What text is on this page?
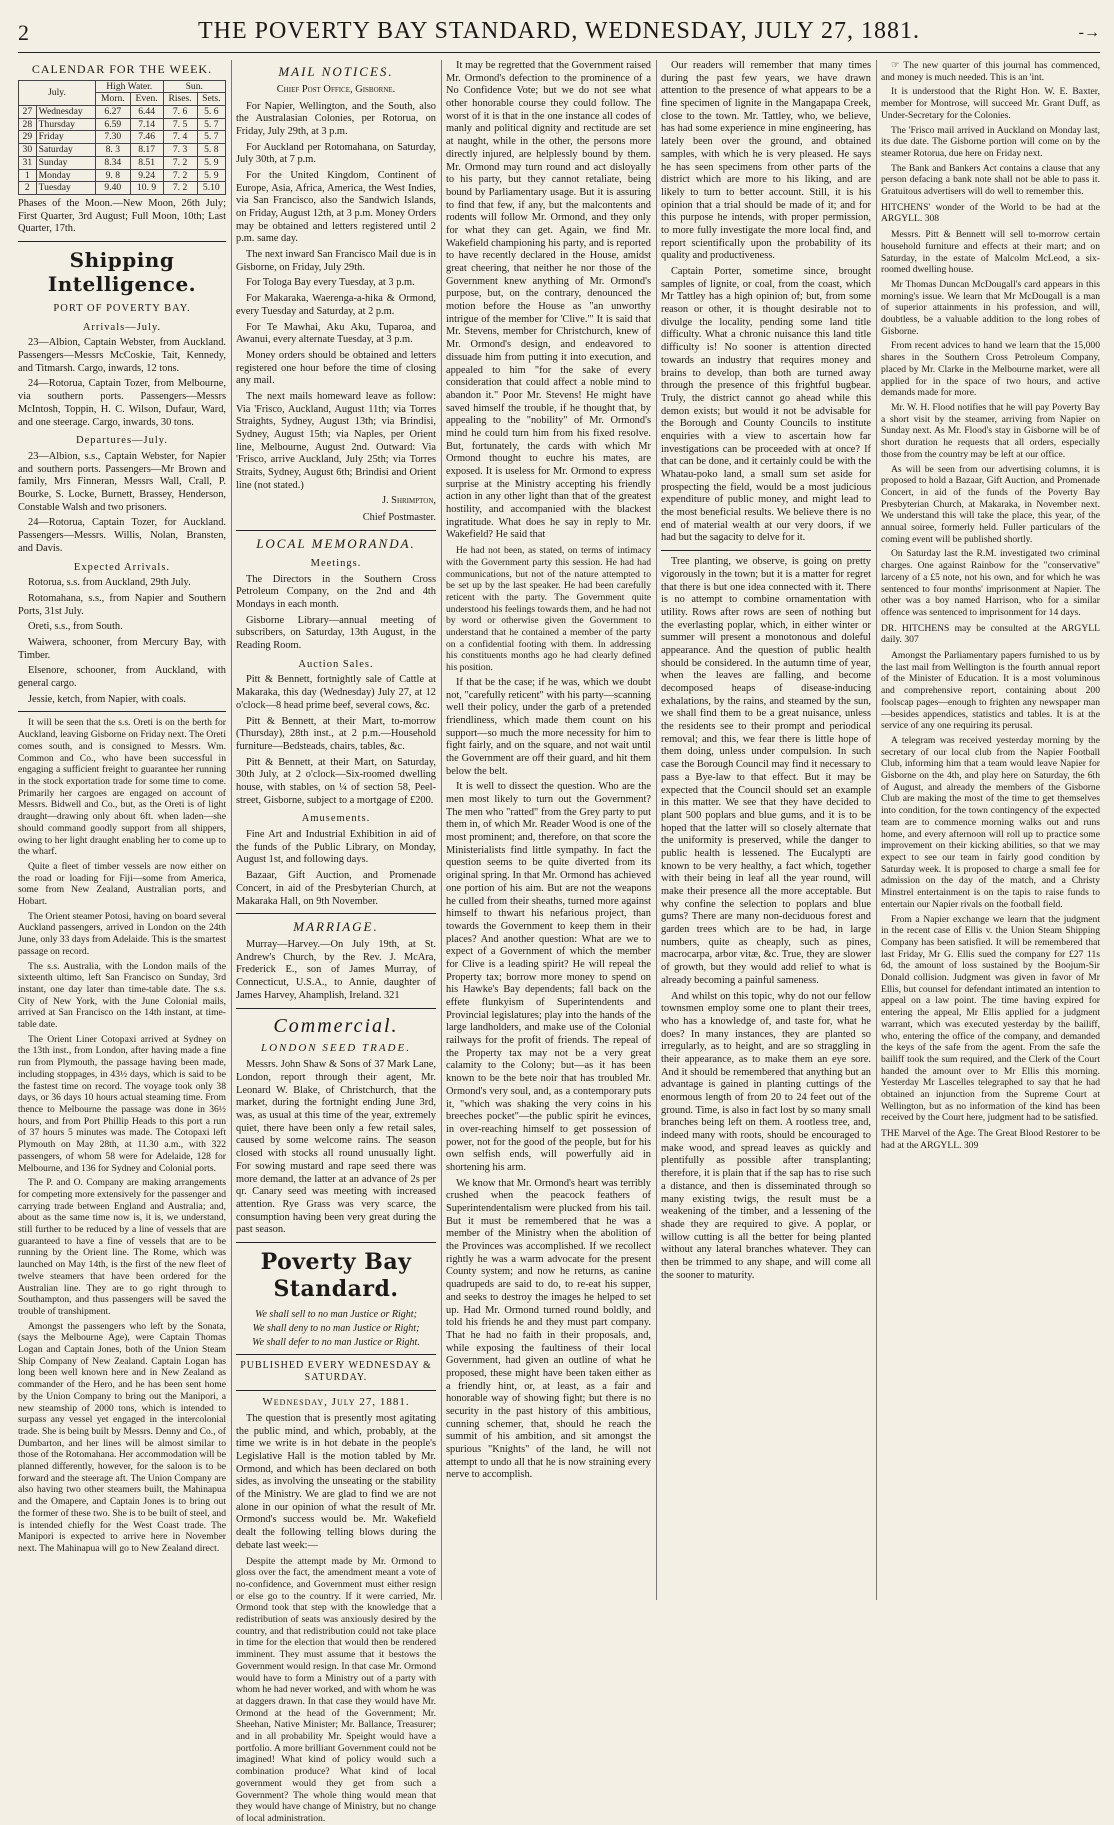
2	THE POVERTY BAY STANDARD, WEDNESDAY, JULY 27, 1881.	-→
CALENDAR FOR THE WEEK.
July.		High Water.		Sun.	
		Morn.	Even.	Rises.	Sets.
27	Wednesday	6.27	6.44	7. 6	5. 6
28	Thursday	6.59	7.14	7. 5	5. 7
29	Friday	7.30	7.46	7. 4	5. 7
30	Saturday	8. 3	8.17	7. 3	5. 8
31	Sunday	8.34	8.51	7. 2	5. 9
1	Monday	9. 8	9.24	7. 2	5. 9
2	Tuesday	9.40	10. 9	7. 2	5.10

Phases of the Moon.—New Moon, 26th July; First Quarter, 3rd August; Full Moon, 10th; Last Quarter, 17th.

Shipping Intelligence.
PORT OF POVERTY BAY.
Arrivals—July.

23—Albion, Captain Webster, from Auckland. Passengers—Messrs McCoskie, Tait, Kennedy, and Titmarsh. Cargo, inwards, 12 tons.

24—Rotorua, Captain Tozer, from Melbourne, via southern ports. Passengers—Messrs McIntosh, Toppin, H. C. Wilson, Dufaur, Ward, and one steerage. Cargo, inwards, 30 tons.

Departures—July.

23—Albion, s.s., Captain Webster, for Napier and southern ports. Passengers—Mr Brown and family, Mrs Finneran, Messrs Wall, Crall, P. Bourke, S. Locke, Burnett, Brassey, Henderson, Constable Walsh and two prisoners.

24—Rotorua, Captain Tozer, for Auckland. Passengers—Messrs. Willis, Nolan, Bransten, and Davis.

Expected Arrivals.

Rotorua, s.s. from Auckland, 29th July.

Rotomahana, s.s., from Napier and Southern Ports, 31st July.

Oreti, s.s., from South.

Waiwera, schooner, from Mercury Bay, with Timber.

Elsenore, schooner, from Auckland, with general cargo.

Jessie, ketch, from Napier, with coals.

It will be seen that the s.s. Oreti is on the berth for Auckland, leaving Gisborne on Friday next. The Oreti comes south, and is consigned to Messrs. Wm. Common and Co., who have been successful in engaging a sufficient freight to guarantee her running in the stock exportation trade for some time to come. Primarily her cargoes are engaged on account of Messrs. Bidwell and Co., but, as the Oreti is of light draught—drawing only about 6ft. when laden—she should command goodly support from all shippers, owing to her light draught enabling her to come up to the wharf.

Quite a fleet of timber vessels are now either on the road or loading for Fiji—some from America, some from New Zealand, Australian ports, and Hobart.

The Orient steamer Potosi, having on board several Auckland passengers, arrived in London on the 24th June, only 33 days from Adelaide. This is the smartest passage on record.

The s.s. Australia, with the London mails of the sixteenth ultimo, left San Francisco on Sunday, 3rd instant, one day later than time-table date. The s.s. City of New York, with the June Colonial mails, arrived at San Francisco on the 14th instant, at time-table date.

The Orient Liner Cotopaxi arrived at Sydney on the 13th inst., from London, after having made a fine run from Plymouth, the passage having been made, including stoppages, in 43½ days, which is said to be the fastest time on record. The voyage took only 38 days, or 36 days 10 hours actual steaming time. From thence to Melbourne the passage was done in 36½ hours, and from Port Phillip Heads to this port a run of 37 hours 5 minutes was made. The Cotopaxi left Plymouth on May 28th, at 11.30 a.m., with 322 passengers, of whom 58 were for Adelaide, 128 for Melbourne, and 136 for Sydney and Colonial ports.

The P. and O. Company are making arrangements for competing more extensively for the passenger and carrying trade between England and Australia; and, about as the same time now is, it is, we understand, still further to be reduced by a line of vessels that are guaranteed to have a fine of vessels that are to be running by the Orient line. The Rome, which was launched on May 14th, is the first of the new fleet of twelve steamers that have been ordered for the Australian line. They are to go right through to Southampton, and thus passengers will be saved the trouble of transhipment.

Amongst the passengers who left by the Sonata, (says the Melbourne Age), were Captain Thomas Logan and Captain Jones, both of the Union Steam Ship Company of New Zealand. Captain Logan has long been well known here and in New Zealand as commander of the Hero, and he has been sent home by the Union Company to bring out the Manipori, a new steamship of 2000 tons, which is intended to surpass any vessel yet engaged in the intercolonial trade. She is being built by Messrs. Denny and Co., of Dumbarton, and her lines will be almost similar to those of the Rotomahana. Her accommodation will be planned differently, however, for the saloon is to be forward and the steerage aft. The Union Company are also having two other steamers built, the Mahinapua and the Omapere, and Captain Jones is to bring out the former of these two. She is to be built of steel, and is intended chiefly for the West Coast trade. The Manipori is expected to arrive here in November next. The Mahinapua will go to New Zealand direct.

MAIL NOTICES.

Chief Post Office, Gisborne.

For Napier, Wellington, and the South, also the Australasian Colonies, per Rotorua, on Friday, July 29th, at 3 p.m.

For Auckland per Rotomahana, on Saturday, July 30th, at 7 p.m.

For the United Kingdom, Continent of Europe, Asia, Africa, America, the West Indies, via San Francisco, also the Sandwich Islands, on Friday, August 12th, at 3 p.m. Money Orders may be obtained and letters registered until 2 p.m. same day.

The next inward San Francisco Mail due is in Gisborne, on Friday, July 29th.

For Tologa Bay every Tuesday, at 3 p.m.

For Makaraka, Waerenga-a-hika & Ormond, every Tuesday and Saturday, at 2 p.m.

For Te Mawhai, Aku Aku, Tuparoa, and Awanui, every alternate Tuesday, at 3 p.m.

Money orders should be obtained and letters registered one hour before the time of closing any mail.

The next mails homeward leave as follow: Via 'Frisco, Auckland, August 11th; via Torres Straights, Sydney, August 13th; via Brindisi, Sydney, August 15th; via Naples, per Orient line, Melbourne, August 2nd. Outward: Via 'Frisco, arrive Auckland, July 25th; via Torres Straits, Sydney, August 6th; Brindisi and Orient line (not stated.)

J. Shrimpton,
Chief Postmaster.
LOCAL MEMORANDA.
Meetings.

The Directors in the Southern Cross Petroleum Company, on the 2nd and 4th Mondays in each month.

Gisborne Library—annual meeting of subscribers, on Saturday, 13th August, in the Reading Room.

Auction Sales.

Pitt & Bennett, fortnightly sale of Cattle at Makaraka, this day (Wednesday) July 27, at 12 o'clock—8 head prime beef, several cows, &c.

Pitt & Bennett, at their Mart, to-morrow (Thursday), 28th inst., at 2 p.m.—Household furniture—Bedsteads, chairs, tables, &c.

Pitt & Bennett, at their Mart, on Saturday, 30th July, at 2 o'clock—Six-roomed dwelling house, with stables, on ¼ of section 58, Peel-street, Gisborne, subject to a mortgage of £200.

Amusements.

Fine Art and Industrial Exhibition in aid of the funds of the Public Library, on Monday, August 1st, and following days.

Bazaar, Gift Auction, and Promenade Concert, in aid of the Presbyterian Church, at Makaraka Hall, on 9th November.

MARRIAGE.

Murray—Harvey.—On July 19th, at St. Andrew's Church, by the Rev. J. McAra, Frederick E., son of James Murray, of Connecticut, U.S.A., to Annie, daughter of James Harvey, Ahamplish, Ireland. 321

Commercial.
LONDON SEED TRADE.

Messrs. John Shaw & Sons of 37 Mark Lane, London, report through their agent, Mr. Leonard W. Blake, of Christchurch, that the market, during the fortnight ending June 3rd, was, as usual at this time of the year, extremely quiet, there have been only a few retail sales, caused by some welcome rains. The season closed with stocks all round unusually light. For sowing mustard and rape seed there was more demand, the latter at an advance of 2s per qr. Canary seed was meeting with increased attention. Rye Grass was very scarce, the consumption having been very great during the past season.

Poverty Bay Standard.
We shall sell to no man Justice or Right;
We shall deny to no man Justice or Right;
We shall defer to no man Justice or Right.
PUBLISHED EVERY WEDNESDAY & SATURDAY.
Wednesday, July 27, 1881.

The question that is presently most agitating the public mind, and which, probably, at the time we write is in hot debate in the people's Legislative Hall is the motion tabled by Mr. Ormond, and which has been declared on both sides, as involving the unseating or the stability of the Ministry. We are glad to find we are not alone in our opinion of what the result of Mr. Ormond's success would be. Mr. Wakefield dealt the following telling blows during the debate last week:—

Despite the attempt made by Mr. Ormond to gloss over the fact, the amendment meant a vote of no-confidence, and Government must either resign or else go to the country. If it were carried, Mr. Ormond took that step with the knowledge that a redistribution of seats was anxiously desired by the country, and that redistribution could not take place in time for the election that would then be rendered imminent. They must assume that it bestows the Government would resign. In that case Mr. Ormond would have to form a Ministry out of a party with whom he had never worked, and with whom he was at daggers drawn. In that case they would have Mr. Ormond at the head of the Government; Mr. Sheehan, Native Minister; Mr. Ballance, Treasurer; and in all probability Mr. Speight would have a portfolio. A more brilliant Government could not be imagined! What kind of policy would such a combination produce? What kind of local government would they get from such a Government? The whole thing would mean that they would have change of Ministry, but no change of local administration.

It may be regretted that the Government raised Mr. Ormond's defection to the prominence of a No Confidence Vote; but we do not see what other honorable course they could follow. The worst of it is that in the one instance all codes of manly and political dignity and rectitude are set at naught, while in the other, the persons more directly injured, are helplessly bound by them. Mr. Ormond may turn round and act disloyally to his party, but they cannot retaliate, being bound by Parliamentary usage. But it is assuring to find that few, if any, but the malcontents and rodents will follow Mr. Ormond, and they only for what they can get. Again, we find Mr. Wakefield championing his party, and is reported to have recently declared in the House, amidst great cheering, that neither he nor those of the Government knew anything of Mr. Ormond's purpose, but, on the contrary, denounced the motion before the House as "an unworthy intrigue of the member for 'Clive.'" It is said that Mr. Stevens, member for Christchurch, knew of Mr. Ormond's design, and endeavored to dissuade him from putting it into execution, and appealed to him "for the sake of every consideration that could affect a noble mind to abandon it." Poor Mr. Stevens! He might have saved himself the trouble, if he thought that, by appealing to the "nobility" of Mr. Ormond's mind he could turn him from his fixed resolve. But, fortunately, the cards with which Mr Ormond thought to euchre his mates, are exposed. It is useless for Mr. Ormond to express surprise at the Ministry accepting his friendly action in any other light than that of the greatest hostility, and accompanied with the blackest ingratitude. What does he say in reply to Mr. Wakefield? He said that

He had not been, as stated, on terms of intimacy with the Government party this session. He had had communications, but not of the nature attempted to be set up by the last speaker. He had been carefully reticent with the party. The Government quite understood his feelings towards them, and he had not by word or otherwise given the Government to understand that he contained a member of the party on a confidential footing with them. In addressing his constituents months ago he had clearly defined his position.

If that be the case; if he was, which we doubt not, "carefully reticent" with his party—scanning well their policy, under the garb of a pretended friendliness, which made them count on his support—so much the more necessity for him to fight fairly, and on the square, and not wait until the Government are off their guard, and hit them below the belt.

It is well to dissect the question. Who are the men most likely to turn out the Government? The men who "ratted" from the Grey party to put them in, of which Mr. Reader Wood is one of the most prominent; and, therefore, on that score the Ministerialists find little sympathy. In fact the question seems to be quite diverted from its original spring. In that Mr. Ormond has achieved one portion of his aim. But are not the weapons he culled from their sheaths, turned more against himself to thwart his nefarious project, than towards the Government to keep them in their places? And another question: What are we to expect of a Government of which the member for Clive is a leading spirit? He will repeal the Property tax; borrow more money to spend on his Hawke's Bay dependents; fall back on the effete flunkyism of Superintendents and Provincial legislatures; play into the hands of the large landholders, and make use of the Colonial railways for the profit of friends. The repeal of the Property tax may not be a very great calamity to the Colony; but—as it has been known to be the bete noir that has troubled Mr. Ormond's very soul, and, as a contemporary puts it, "which was shaking the very coins in his breeches pocket"—the public spirit he evinces, in over-reaching himself to get possession of power, not for the good of the people, but for his own selfish ends, will powerfully aid in shortening his arm.

We know that Mr. Ormond's heart was terribly crushed when the peacock feathers of Superintendentalism were plucked from his tail. But it must be remembered that he was a member of the Ministry when the abolition of the Provinces was accomplished. If we recollect rightly he was a warm advocate for the present County system; and now he returns, as canine quadrupeds are said to do, to re-eat his supper, and seeks to destroy the images he helped to set up. Had Mr. Ormond turned round boldly, and told his friends he and they must part company. That he had no faith in their proposals, and, while exposing the faultiness of their local Government, had given an outline of what he proposed, these might have been taken either as a friendly hint, or, at least, as a fair and honorable way of showing fight; but there is no security in the past history of this ambitious, cunning schemer, that, should he reach the summit of his ambition, and sit amongst the spurious "Knights" of the land, he will not attempt to undo all that he is now straining every nerve to accomplish.

Our readers will remember that many times during the past few years, we have drawn attention to the presence of what appears to be a fine specimen of lignite in the Mangapapa Creek, close to the town. Mr. Tattley, who, we believe, has had some experience in mine engineering, has lately been over the ground, and obtained samples, with which he is very pleased. He says he has seen specimens from other parts of the district which are more to his liking, and are likely to turn to better account. Still, it is his opinion that a trial should be made of it; and for this purpose he intends, with proper permission, to more fully investigate the more local find, and report scientifically upon the probability of its quality and productiveness.

Captain Porter, sometime since, brought samples of lignite, or coal, from the coast, which Mr Tattley has a high opinion of; but, from some reason or other, it is thought desirable not to divulge the locality, pending some land title difficulty. What a chronic nuisance this land title difficulty is! No sooner is attention directed towards an industry that requires money and brains to develop, than both are turned away through the presence of this frightful bugbear. Truly, the district cannot go ahead while this demon exists; but would it not be advisable for the Borough and County Councils to institute enquiries with a view to ascertain how far investigations can be proceeded with at once? If that can be done, and it certainly could be with the Whatau-poko land, a small sum set aside for prospecting the field, would be a most judicious expenditure of public money, and might lead to the most beneficial results. We believe there is no end of material wealth at our very doors, if we had but the sagacity to delve for it.

Tree planting, we observe, is going on pretty vigorously in the town; but it is a matter for regret that there is but one idea connected with it. There is no attempt to combine ornamentation with utility. Rows after rows are seen of nothing but the everlasting poplar, which, in either winter or summer will present a monotonous and doleful appearance. And the question of public health should be considered. In the autumn time of year, when the leaves are falling, and become decomposed heaps of disease-inducing exhalations, by the rains, and steamed by the sun, we shall find them to be a great nuisance, unless the residents see to their prompt and periodical removal; and this, we fear there is little hope of them doing, unless under compulsion. In such case the Borough Council may find it necessary to pass a Bye-law to that effect. But it may be expected that the Council should set an example in this matter. We see that they have decided to plant 500 poplars and blue gums, and it is to be hoped that the latter will so closely alternate that the uniformity is preserved, while the danger to public health is lessened. The Eucalypti are known to be very healthy, a fact which, together with their being in leaf all the year round, will make their presence all the more acceptable. But why confine the selection to poplars and blue gums? There are many non-deciduous forest and garden trees which are to be had, in large numbers, quite as cheaply, such as pines, macrocarpa, arbor vitæ, &c. True, they are slower of growth, but they would add relief to what is already becoming a painful sameness.

And whilst on this topic, why do not our fellow townsmen employ some one to plant their trees, who has a knowledge of, and taste for, what he does? In many instances, they are planted so irregularly, as to height, and are so straggling in their appearance, as to make them an eye sore. And it should be remembered that anything but an advantage is gained in planting cuttings of the enormous length of from 20 to 24 feet out of the ground. Time, is also in fact lost by so many small branches being left on them. A rootless tree, and, indeed many with roots, should be encouraged to make wood, and spread leaves as quickly and plentifully as possible after transplanting; therefore, it is plain that if the sap has to rise such a distance, and then is disseminated through so many existing twigs, the result must be a weakening of the timber, and a lessening of the shade they are required to give. A poplar, or willow cutting is all the better for being planted without any lateral branches whatever. They can then be trimmed to any shape, and will come all the sooner to maturity.

☞ The new quarter of this journal has commenced, and money is much needed. This is an 'int.

It is understood that the Right Hon. W. E. Baxter, member for Montrose, will succeed Mr. Grant Duff, as Under-Secretary for the Colonies.

The 'Frisco mail arrived in Auckland on Monday last, its due date. The Gisborne portion will come on by the steamer Rotorua, due here on Friday next.

The Bank and Bankers Act contains a clause that any person defacing a bank note shall not be able to pass it. Gratuitous advertisers will do well to remember this.

HITCHENS' wonder of the World to be had at the ARGYLL. 308

Messrs. Pitt & Bennett will sell to-morrow certain household furniture and effects at their mart; and on Saturday, in the estate of Malcolm McLeod, a six-roomed dwelling house.

Mr Thomas Duncan McDougall's card appears in this morning's issue. We learn that Mr McDougall is a man of superior attainments in his profession, and will, doubtless, be a valuable addition to the long robes of Gisborne.

From recent advices to hand we learn that the 15,000 shares in the Southern Cross Petroleum Company, placed by Mr. Clarke in the Melbourne market, were all applied for in the space of two hours, and active demands made for more.

Mr. W. H. Flood notifies that he will pay Poverty Bay a short visit by the steamer, arriving from Napier on Sunday next. As Mr. Flood's stay in Gisborne will be of short duration he requests that all orders, especially those from the country may be left at our office.

As will be seen from our advertising columns, it is proposed to hold a Bazaar, Gift Auction, and Promenade Concert, in aid of the funds of the Poverty Bay Presbyterian Church, at Makaraka, in November next. We understand this will take the place, this year, of the annual soiree, formerly held. Fuller particulars of the coming event will be published shortly.

On Saturday last the R.M. investigated two criminal charges. One against Rainbow for the "conservative" larceny of a £5 note, not his own, and for which he was sentenced to four months' imprisonment at Napier. The other was a boy named Harrison, who for a similar offence was sentenced to imprisonment for 14 days.

DR. HITCHENS may be consulted at the ARGYLL daily. 307

Amongst the Parliamentary papers furnished to us by the last mail from Wellington is the fourth annual report of the Minister of Education. It is a most voluminous and comprehensive report, containing about 200 foolscap pages—enough to frighten any newspaper man—besides appendices, statistics and tables. It is at the service of any one requiring its perusal.

A telegram was received yesterday morning by the secretary of our local club from the Napier Football Club, informing him that a team would leave Napier for Gisborne on the 4th, and play here on Saturday, the 6th of August, and already the members of the Gisborne Club are making the most of the time to get themselves into condition, for the town contingency of the expected team are to commence morning walks out and runs home, and every afternoon will roll up to practice some improvement on their kicking abilities, so that we may expect to see our team in fairly good condition by Saturday week. It is proposed to charge a small fee for admission on the day of the match, and a Christy Minstrel entertainment is on the tapis to raise funds to entertain our Napier rivals on the football field.

From a Napier exchange we learn that the judgment in the recent case of Ellis v. the Union Steam Shipping Company has been satisfied. It will be remembered that last Friday, Mr G. Ellis sued the company for £27 11s 6d, the amount of loss sustained by the Boojum-Sir Donald collision. Judgment was given in favor of Mr Ellis, but counsel for defendant intimated an intention to appeal on a law point. The time having expired for entering the appeal, Mr Ellis applied for a judgment warrant, which was executed yesterday by the bailiff, who, entering the office of the company, and demanded the keys of the safe from the agent. From the safe the bailiff took the sum required, and the Clerk of the Court handed the amount over to Mr Ellis this morning. Yesterday Mr Lascelles telegraphed to say that he had obtained an injunction from the Supreme Court at Wellington, but as no information of the kind has been received by the Court here, judgment had to be satisfied.

THE Marvel of the Age. The Great Blood Restorer to be had at the ARGYLL. 309
